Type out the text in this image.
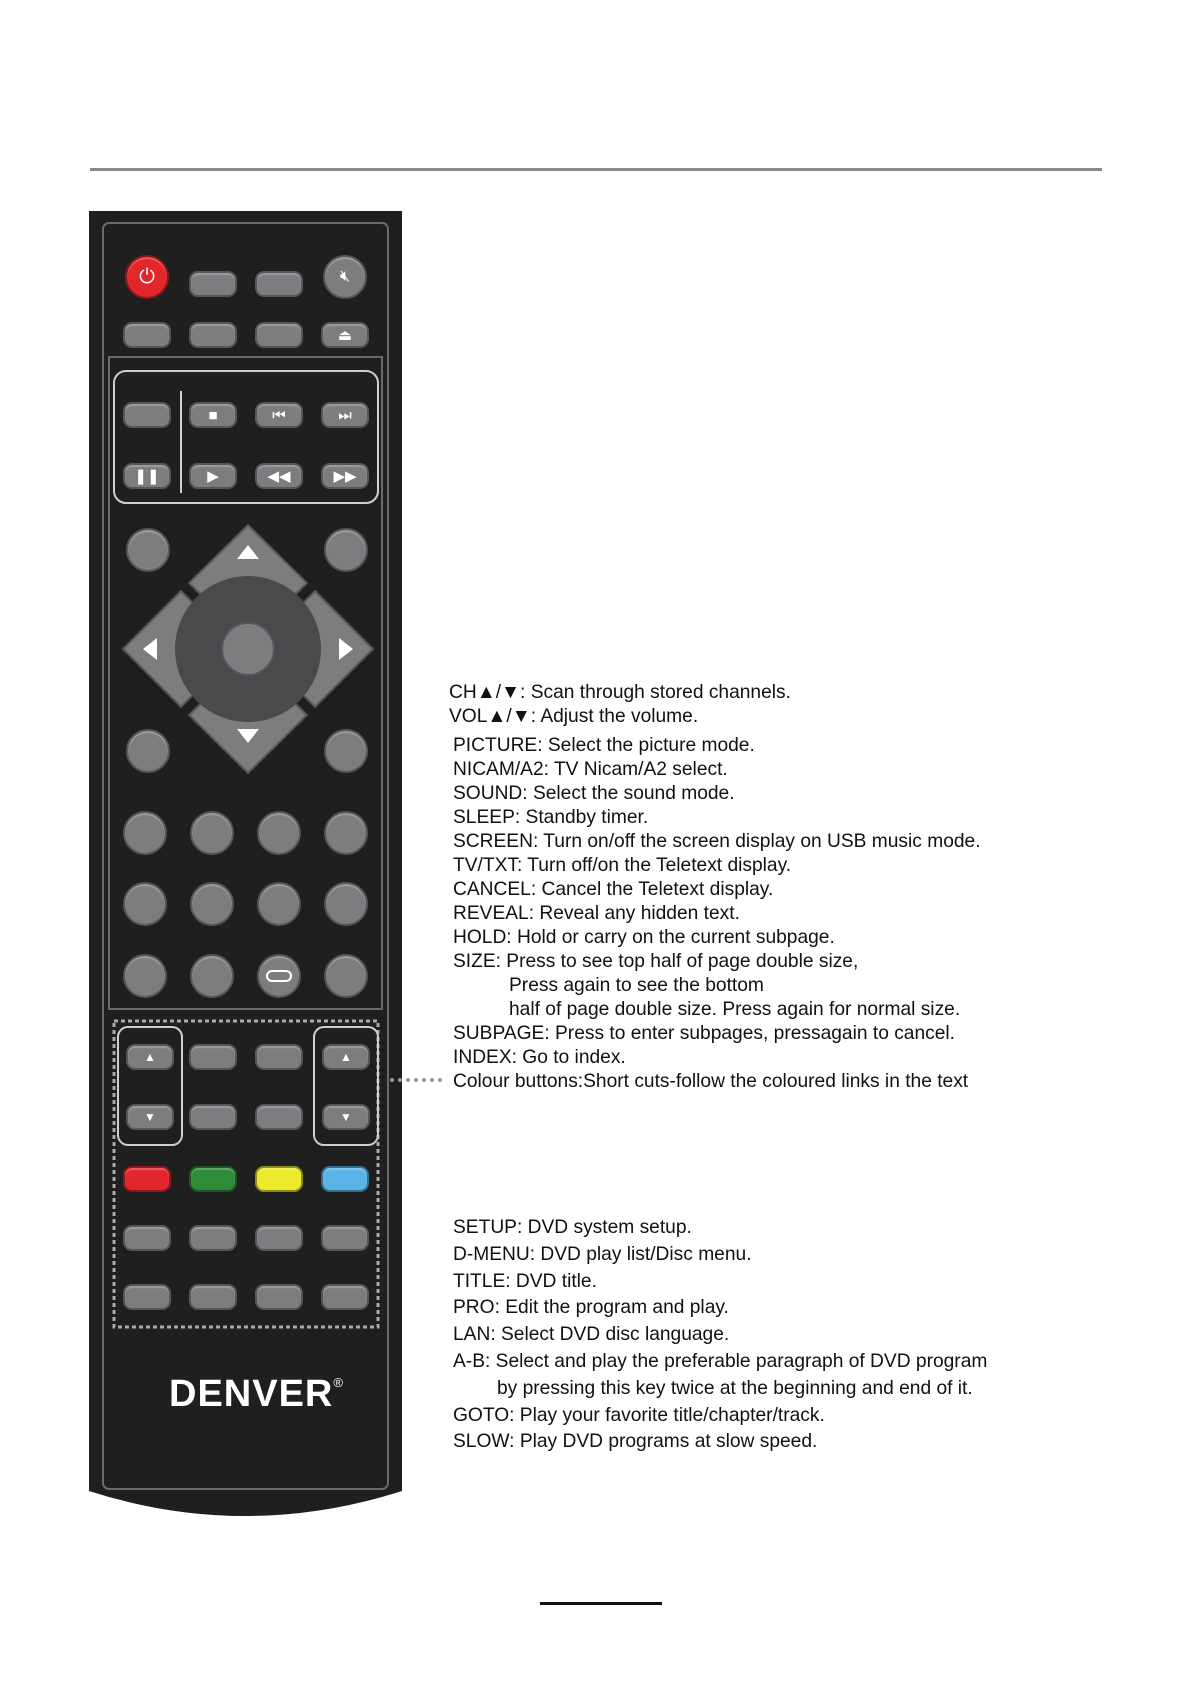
⏻	🔇︎
⏏
■	⏮	⏭
❚❚	▶	◀◀	▶▶
▲
▼
▲
▼
DENVER®
CH▲/▼: Scan through stored channels.
VOL▲/▼: Adjust the volume.
PICTURE: Select the picture mode.
NICAM/A2: TV Nicam/A2 select.
SOUND: Select the sound mode.
SLEEP: Standby timer.
SCREEN: Turn on/off the screen display on USB music mode.
TV/TXT: Turn off/on the Teletext display.
CANCEL: Cancel the Teletext display.
REVEAL: Reveal any hidden text.
HOLD: Hold or carry on the current subpage.
SIZE: Press to see top half of page double size,
Press again to see the bottom
half of page double size. Press again for normal size.
SUBPAGE: Press to enter subpages, pressagain to cancel.
INDEX: Go to index.
Colour buttons:Short cuts-follow the coloured links in the text
SETUP: DVD system setup.
D-MENU: DVD play list/Disc menu.
TITLE: DVD title.
PRO: Edit the program and play.
LAN: Select DVD disc language.
A-B: Select and play the preferable paragraph of DVD program
by pressing this key twice at the beginning and end of it.
GOTO: Play your favorite title/chapter/track.
SLOW: Play DVD programs at slow speed.
